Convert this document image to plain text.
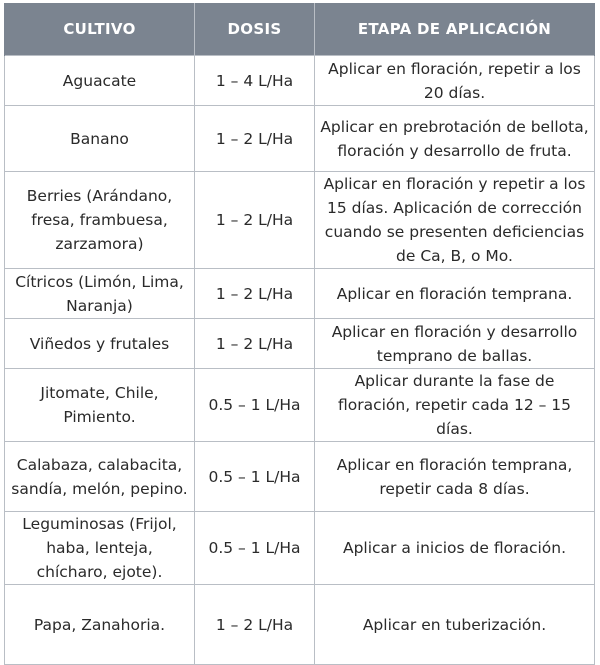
CULTIVO	DOSIS	ETAPA DE APLICACIÓN
Aguacate	1 – 4 L/Ha	Aplicar en floración, repetir a los 20 días.
Banano	1 – 2 L/Ha	Aplicar en prebrotación de bellota, floración y desarrollo de fruta.
Berries (Arándano, fresa, frambuesa, zarzamora)	1 – 2 L/Ha	Aplicar en floración y repetir a los 15 días. Aplicación de corrección cuando se presenten deficiencias de Ca, B, o Mo.
Cítricos (Limón, Lima, Naranja)	1 – 2 L/Ha	Aplicar en floración temprana.
Viñedos y frutales	1 – 2 L/Ha	Aplicar en floración y desarrollo temprano de ballas.
Jitomate, Chile, Pimiento.	0.5 – 1 L/Ha	Aplicar durante la fase de floración, repetir cada 12 – 15 días.
Calabaza, calabacita, sandía, melón, pepino.	0.5 – 1 L/Ha	Aplicar en floración temprana, repetir cada 8 días.
Leguminosas (Frijol, haba, lenteja, chícharo, ejote).	0.5 – 1 L/Ha	Aplicar a inicios de floración.
Papa, Zanahoria.	1 – 2 L/Ha	Aplicar en tuberización.
